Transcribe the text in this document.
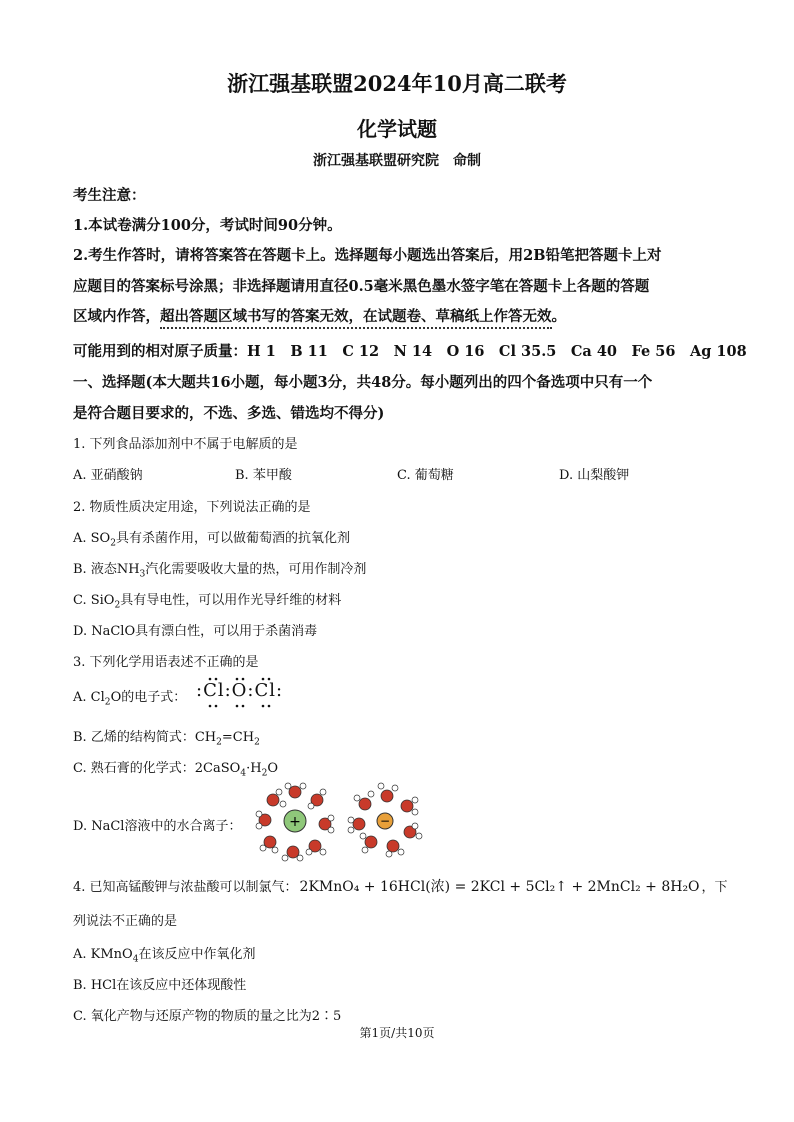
浙江强基联盟2024年10月高二联考
化学试题
浙江强基联盟研究院　命制
考生注意：
1.本试卷满分100分，考试时间90分钟。
2.考生作答时，请将答案答在答题卡上。选择题每小题选出答案后，用2B铅笔把答题卡上对
应题目的答案标号涂黑；非选择题请用直径0.5毫米黑色墨水签字笔在答题卡上各题的答题
区域内作答，超出答题区域书写的答案无效，在试题卷、草稿纸上作答无效。
可能用到的相对原子质量：H 1　B 11　C 12　N 14　O 16　Cl 35.5　Ca 40　Fe 56　Ag 108
一、选择题(本大题共16小题，每小题3分，共48分。每小题列出的四个备选项中只有一个
是符合题目要求的，不选、多选、错选均不得分)
1. 下列食品添加剂中不属于电解质的是
A. 亚硝酸钠	B. 苯甲酸	C. 葡萄糖	D. 山梨酸钾
2. 物质性质决定用途，下列说法正确的是
A. $SO_2$具有杀菌作用，可以做葡萄酒的抗氧化剂
B. 液态$NH_3$汽化需要吸收大量的热，可用作制冷剂
C. SiO$_2$具有导电性，可以用作光导纤维的材料
D. NaClO具有漂白性，可以用于杀菌消毒
3. 下列化学用语表述不正确的是
A. $Cl_2O$的电子式： :Cl:O:Cl:
B. 乙烯的结构简式：$CH_2=CH_2$
C. 熟石膏的化学式：$2CaSO_4\cdot H_2O$
D. NaCl溶液中的水合离子：	+	−
4. 已知高锰酸钾与浓盐酸可以制氯气： 2KMnO₄ + 16HCl(浓) = 2KCl + 5Cl₂↑ + 2MnCl₂ + 8H₂O ，下
列说法不正确的是
A. KMnO$_4$在该反应中作氧化剂
B. HCl在该反应中还体现酸性
C. 氧化产物与还原产物的物质的量之比为2∶5
第1页/共10页
